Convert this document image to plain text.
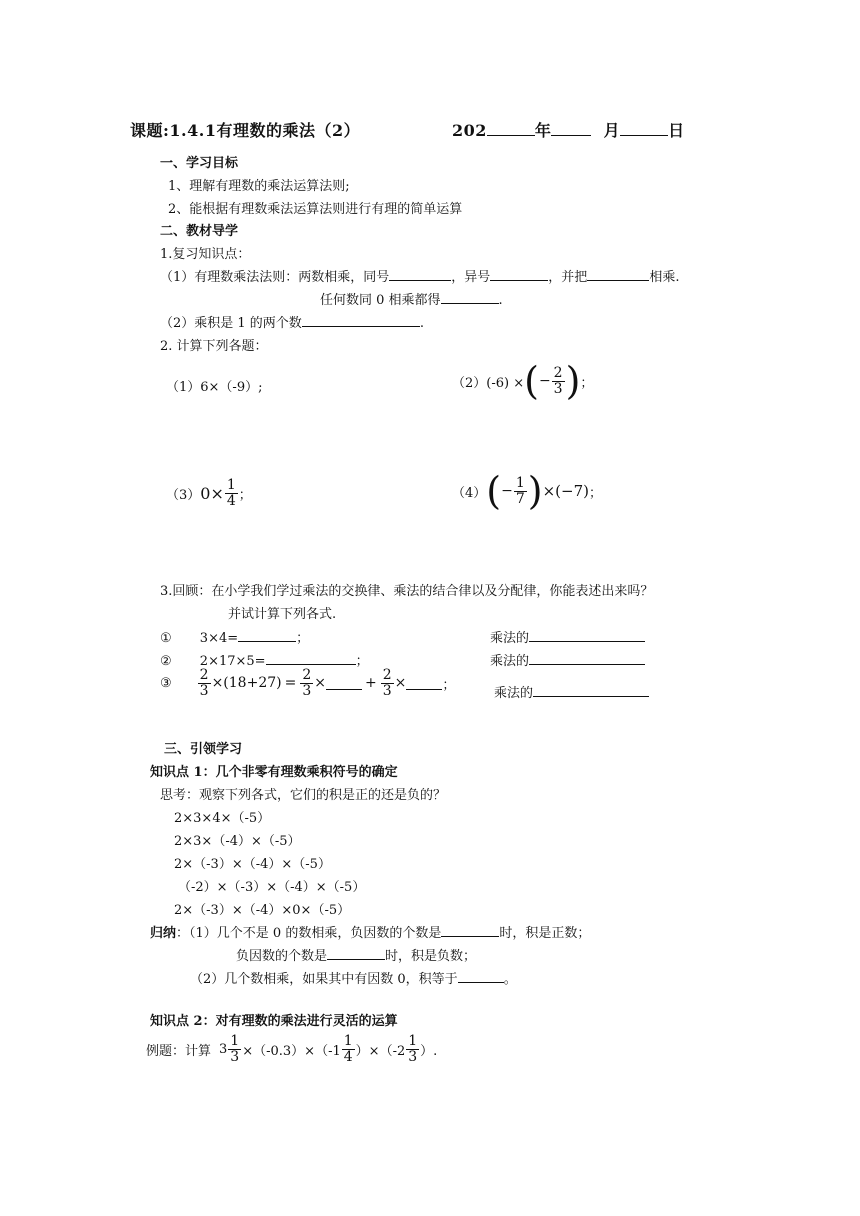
课题:1.4.1有理数的乘法（2）	202	年	月	日
一、学习目标
1、理解有理数的乘法运算法则;
2、能根据有理数乘法运算法则进行有理的简单运算
二、教材导学
1.复习知识点：
（1）有理数乘法法则：两数相乘，同号	，异号	，并把	相乘.
任何数同 0 相乘都得	.
（2）乘积是 1 的两个数	.
2. 计算下列各题：
（1）6×（-9）;	（2）(-6) × ( − $\frac{2}{3}$ ) ；
（3） $0\times \frac{1}{4}$ ；	（4） ( − $\frac{1}{7}$ ) ×(−7) ；
3.回顾：在小学我们学过乘法的交换律、乘法的结合律以及分配律，你能表述出来吗？
并试计算下列各式.
① 3×4=	；	乘法的
② 2×17×5=	；	乘法的
③ $\frac{2}{3} \times(18+27) = \frac{2}{3}$ ×	+ $\frac{2}{3}$ ×	；
乘法的
三、引领学习
知识点 1：几个非零有理数乘积符号的确定
思考：观察下列各式，它们的积是正的还是负的？
2×3×4×（-5）
2×3×（-4）×（-5）
2×（-3）×（-4）×（-5）
（-2）×（-3）×（-4）×（-5）
2×（-3）×（-4）×0×（-5）
归纳：（1）几个不是 0 的数相乘，负因数的个数是	时，积是正数；
负因数的个数是	时，积是负数；
（2）几个数相乘，如果其中有因数 0，积等于	。
知识点 2：对有理数的乘法进行灵活的运算
例题：计算 $3 \frac{1}{3} \times(-0.3)\times(-1 \frac{1}{4} )\times(-2 \frac{1}{3}$ ）.
